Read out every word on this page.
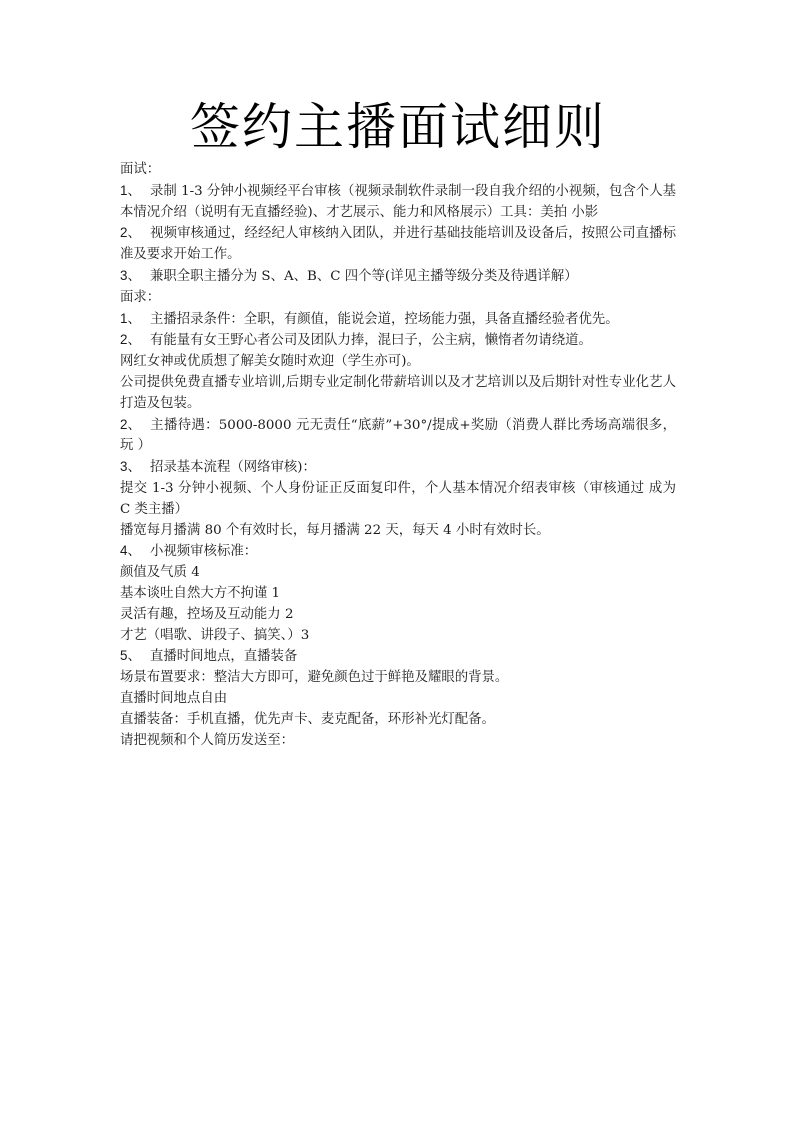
签约主播面试细则
面试：
1、 录制 1-3 分钟小视频经平台审核（视频录制软件录制一段自我介绍的小视频，包含个人基本情况介绍（说明有无直播经验)、才艺展示、能力和风格展示）工具：美拍 小影
2、 视频审核通过，经经纪人审核纳入团队，并进行基础技能培训及设备后，按照公司直播标准及要求开始工作。
3、 兼职全职主播分为 S、A、B、C 四个等(详见主播等级分类及待遇详解）
面求：
1、 主播招录条件：全职，有颜值，能说会道，控场能力强，具备直播经验者优先。
2、 有能量有女王野心者公司及团队力捧，混曰子，公主病，懒惰者勿请绕道。
网红女神或优质想了解美女随时欢迎（学生亦可)。
公司提供免费直播专业培训,后期专业定制化带薪培训以及才艺培训以及后期针对性专业化艺人打造及包装。
2、 主播待遇：5000-8000 元无责任“底薪”+30°/提成+奖励（消费人群比秀场高端很多，玩 ）
3、 招录基本流程（网络审核)：
提交 1-3 分钟小视频、个人身份证正反面复印件，个人基本情况介绍表审核（审核通过 成为 C 类主播）
播宽每月播满 80 个有效时长，每月播满 22 天，每天 4 小时有效时长。
4、 小视频审核标准：
颜值及气质 4
基本谈吐自然大方不拘谨 1
灵活有趣，控场及互动能力 2
才艺（唱歌、讲段子、搞笑、）3
5、 直播时间地点，直播装备
场景布置要求：整洁大方即可，避免颜色过于鲜艳及耀眼的背景。
直播时间地点自由
直播装备：手机直播，优先声卡、麦克配备，环形补光灯配备。
请把视频和个人简历发送至：
